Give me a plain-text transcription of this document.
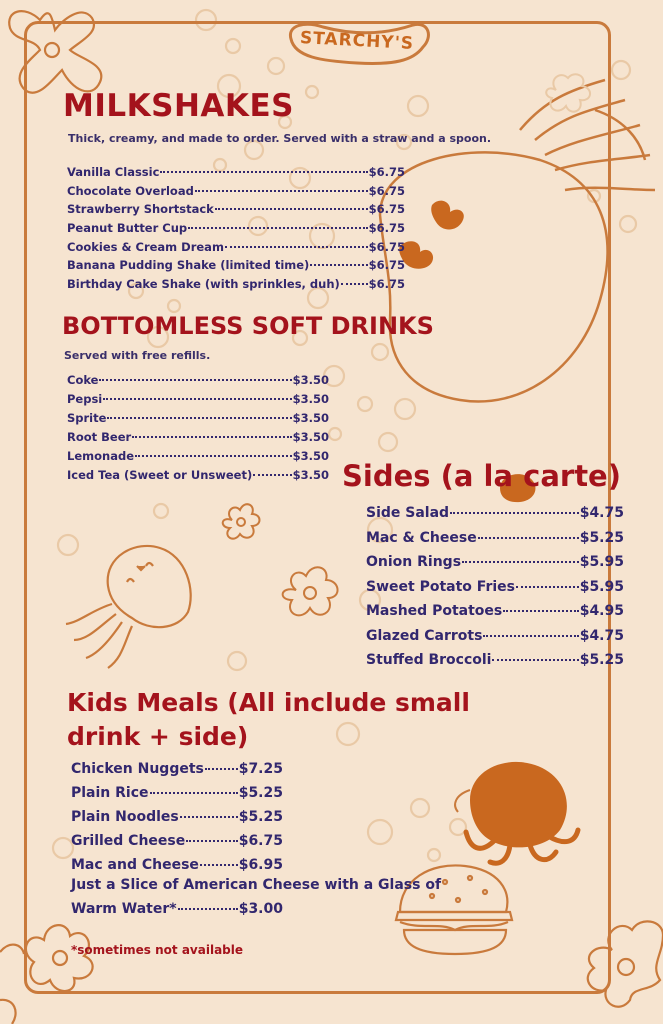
STARCHY'S
MILKSHAKES

Thick, creamy, and made to order. Served with a straw and a spoon.

Vanilla Classic	$6.75
Chocolate Overload	$6.75
Strawberry Shortstack	$6.75
Peanut Butter Cup	$6.75
Cookies & Cream Dream	$6.75
Banana Pudding Shake (limited time)	$6.75
Birthday Cake Shake (with sprinkles, duh)	$6.75
BOTTOMLESS SOFT DRINKS

Served with free refills.

Coke	$3.50
Pepsi	$3.50
Sprite	$3.50
Root Beer	$3.50
Lemonade	$3.50
Iced Tea (Sweet or Unsweet)	$3.50 Sides (a la carte)
Side Salad	$4.75
Mac & Cheese	$5.25
Onion Rings	$5.95
Sweet Potato Fries	$5.95
Mashed Potatoes	$4.95
Glazed Carrots	$4.75
Stuffed Broccoli	$5.25
Kids Meals (All include small
drink + side)
Chicken Nuggets $7.25
Plain Rice	$5.25
Plain Noodles	$5.25
Grilled Cheese	$6.75
Mac and Cheese	$6.95
Just a Slice of American Cheese with a Glass of
Warm Water*	$3.00

*sometimes not available
